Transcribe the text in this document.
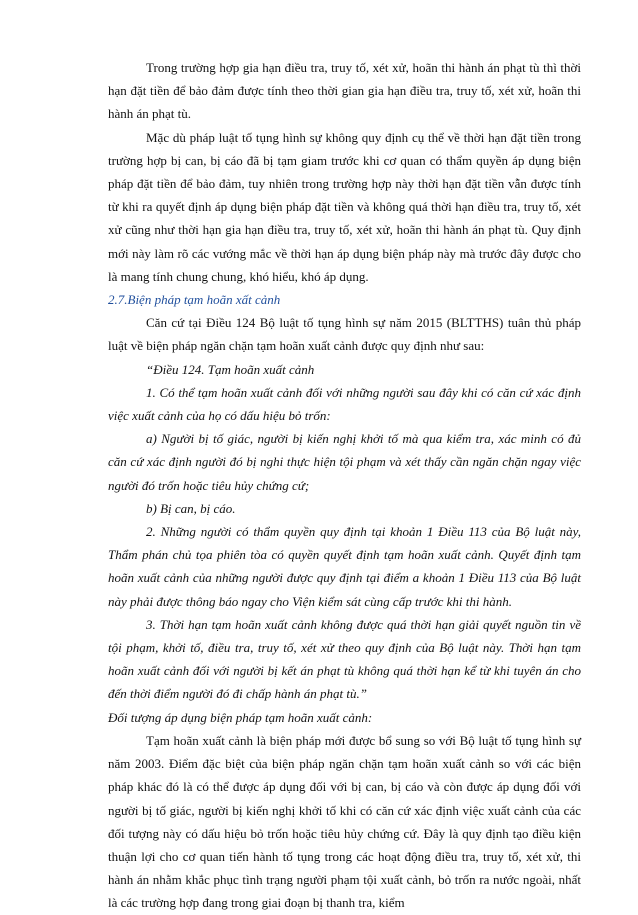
Trong trường hợp gia hạn điều tra, truy tố, xét xử, hoãn thi hành án phạt tù thì thời hạn đặt tiền để bảo đảm được tính theo thời gian gia hạn điều tra, truy tố, xét xử, hoãn thi hành án phạt tù.

Mặc dù pháp luật tố tụng hình sự không quy định cụ thể về thời hạn đặt tiền trong trường hợp bị can, bị cáo đã bị tạm giam trước khi cơ quan có thẩm quyền áp dụng biện pháp đặt tiền để bảo đảm, tuy nhiên trong trường hợp này thời hạn đặt tiền vẫn được tính từ khi ra quyết định áp dụng biện pháp đặt tiền và không quá thời hạn điều tra, truy tố, xét xử cũng như thời hạn gia hạn điều tra, truy tố, xét xử, hoãn thi hành án phạt tù. Quy định mới này làm rõ các vướng mắc về thời hạn áp dụng biện pháp này mà trước đây được cho là mang tính chung chung, khó hiểu, khó áp dụng.

2.7.Biện pháp tạm hoãn xất cảnh

Căn cứ tại Điều 124 Bộ luật tố tụng hình sự năm 2015 (BLTTHS) tuân thủ pháp luật về biện pháp ngăn chặn tạm hoãn xuất cảnh được quy định như sau:

“Điều 124. Tạm hoãn xuất cảnh

1. Có thể tạm hoãn xuất cảnh đối với những người sau đây khi có căn cứ xác định việc xuất cảnh của họ có dấu hiệu bỏ trốn:

a) Người bị tố giác, người bị kiến nghị khởi tố mà qua kiểm tra, xác minh có đủ căn cứ xác định người đó bị nghi thực hiện tội phạm và xét thấy cần ngăn chặn ngay việc người đó trốn hoặc tiêu hủy chứng cứ;

b) Bị can, bị cáo.

2. Những người có thẩm quyền quy định tại khoản 1 Điều 113 của Bộ luật này, Thẩm phán chủ tọa phiên tòa có quyền quyết định tạm hoãn xuất cảnh. Quyết định tạm hoãn xuất cảnh của những người được quy định tại điểm a khoản 1 Điều 113 của Bộ luật này phải được thông báo ngay cho Viện kiểm sát cùng cấp trước khi thi hành.

3. Thời hạn tạm hoãn xuất cảnh không được quá thời hạn giải quyết nguồn tin về tội phạm, khởi tố, điều tra, truy tố, xét xử theo quy định của Bộ luật này. Thời hạn tạm hoãn xuất cảnh đối với người bị kết án phạt tù không quá thời hạn kể từ khi tuyên án cho đến thời điểm người đó đi chấp hành án phạt tù.”

Đối tượng áp dụng biện pháp tạm hoãn xuất cảnh:

Tạm hoãn xuất cảnh là biện pháp mới được bổ sung so với Bộ luật tố tụng hình sự năm 2003. Điểm đặc biệt của biện pháp ngăn chặn tạm hoãn xuất cảnh so với các biện pháp khác đó là có thể được áp dụng đối với bị can, bị cáo và còn được áp dụng đối với người bị tố giác, người bị kiến nghị khởi tố khi có căn cứ xác định việc xuất cảnh của các đối tượng này có dấu hiệu bỏ trốn hoặc tiêu hủy chứng cứ. Đây là quy định tạo điều kiện thuận lợi cho cơ quan tiến hành tố tụng trong các hoạt động điều tra, truy tố, xét xử, thi hành án nhằm khắc phục tình trạng người phạm tội xuất cảnh, bỏ trốn ra nước ngoài, nhất là các trường hợp đang trong giai đoạn bị thanh tra, kiểm
